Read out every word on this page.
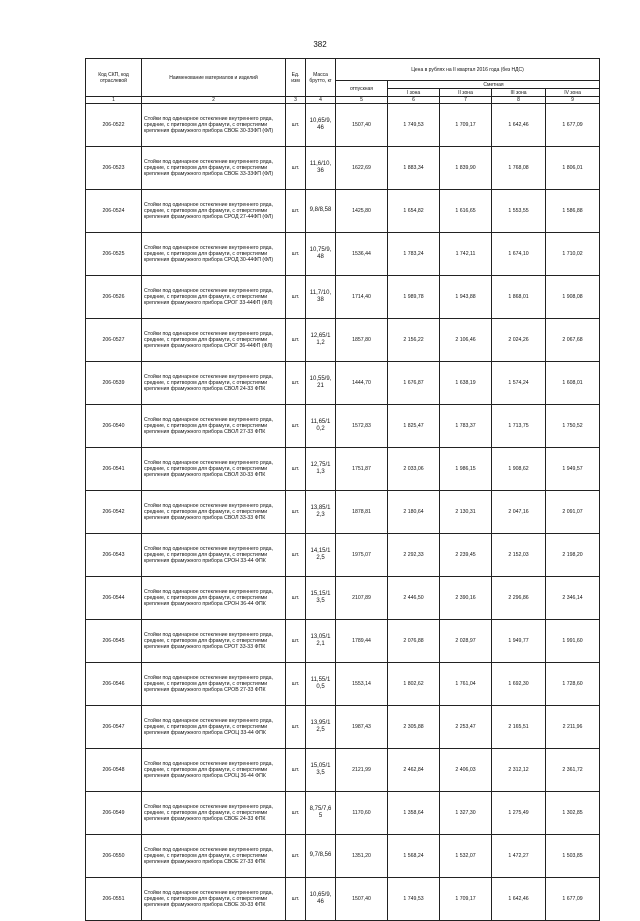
382
Код СКП, код отраслевой	Наименование материалов и изделий	Ед. изм	Масса брутто, кг	Цена в рублях на II квартал 2016 года (без НДС)				
				отпускная	Сметная			
					I зона	II зона	III зона	IV зона
1	2	3	4	5	6	7	8	9
206-0522	Стойки под одинарное остекление внутреннего ряда, средние, с притвором для фрамуги, с отверстиями крепления фрамужного прибора СВОЕ 30-33ФП (ФЛ)	шт.	10,65/9, 46	1507,40	1 749,53	1 709,17	1 642,46	1 677,09
206-0523	Стойки под одинарное остекление внутреннего ряда, средние, с притвором для фрамуги, с отверстиями крепления фрамужного прибора СВОЕ 33-33ФП (ФЛ)	шт.	11,6/10, 36	1622,69	1 883,34	1 839,90	1 768,08	1 806,01
206-0524	Стойки под одинарное остекление внутреннего ряда, средние, с притвором для фрамуги, с отверстиями крепления фрамужного прибора СРОД 27-44ФП (ФЛ)	шт.	9,8/8,58	1425,80	1 654,82	1 616,65	1 553,55	1 586,88
206-0525	Стойки под одинарное остекление внутреннего ряда, средние, с притвором для фрамуги, с отверстиями крепления фрамужного прибора СРОД 30-44ФП (ФЛ)	шт.	10,75/9, 48	1536,44	1 783,24	1 742,11	1 674,10	1 710,02
206-0526	Стойки под одинарное остекление внутреннего ряда, средние, с притвором для фрамуги, с отверстиями крепления фрамужного прибора СРОГ 33-44ФП (ФЛ)	шт.	11,7/10, 38	1714,40	1 989,78	1 943,88	1 868,01	1 908,08
206-0527	Стойки под одинарное остекление внутреннего ряда, средние, с притвором для фрамуги, с отверстиями крепления фрамужного прибора СРОГ 36-44ФП (ФЛ)	шт.	12,65/1 1,2	1857,80	2 156,22	2 106,46	2 024,26	2 067,68
206-0539	Стойки под одинарное остекление внутреннего ряда, средние, с притвором для фрамуги, с отверстиями крепления фрамужного прибора СВОЛ 24-33 ФПК	шт.	10,55/9, 21	1444,70	1 676,87	1 638,19	1 574,24	1 608,01
206-0540	Стойки под одинарное остекление внутреннего ряда, средние, с притвором для фрамуги, с отверстиями крепления фрамужного прибора СВОЛ 27-33 ФПК	шт.	11,65/1 0,2	1572,83	1 825,47	1 783,37	1 713,75	1 750,52
206-0541	Стойки под одинарное остекление внутреннего ряда, средние, с притвором для фрамуги, с отверстиями крепления фрамужного прибора СВОЛ 30-33 ФПК	шт.	12,75/1 1,3	1751,87	2 033,06	1 986,15	1 908,62	1 949,57
206-0542	Стойки под одинарное остекление внутреннего ряда, средние, с притвором для фрамуги, с отверстиями крепления фрамужного прибора СВОЛ 33-33 ФПК	шт.	13,85/1 2,3	1878,81	2 180,64	2 130,31	2 047,16	2 091,07
206-0543	Стойки под одинарное остекление внутреннего ряда, средние, с притвором для фрамуги, с отверстиями крепления фрамужного прибора СРОН 33-44 ФПК	шт.	14,15/1 2,5	1975,07	2 292,33	2 239,45	2 152,03	2 198,20
206-0544	Стойки под одинарное остекление внутреннего ряда, средние, с притвором для фрамуги, с отверстиями крепления фрамужного прибора СРОН 36-44 ФПК	шт.	15,15/1 3,5	2107,89	2 446,50	2 390,16	2 296,86	2 346,14
206-0545	Стойки под одинарное остекление внутреннего ряда, средние, с притвором для фрамуги, с отверстиями крепления фрамужного прибора СРОТ 33-33 ФПК	шт.	13,05/1 2,1	1789,44	2 076,88	2 028,97	1 949,77	1 991,60
206-0546	Стойки под одинарное остекление внутреннего ряда, средние, с притвором для фрамуги, с отверстиями крепления фрамужного прибора СРОВ 27-33 ФПК	шт.	11,55/1 0,5	1553,14	1 802,62	1 761,04	1 692,30	1 728,60
206-0547	Стойки под одинарное остекление внутреннего ряда, средние, с притвором для фрамуги, с отверстиями крепления фрамужного прибора СРОЦ 33-44 ФПК	шт.	13,95/1 2,5	1987,43	2 305,88	2 253,47	2 165,51	2 211,96
206-0548	Стойки под одинарное остекление внутреннего ряда, средние, с притвором для фрамуги, с отверстиями крепления фрамужного прибора СРОЦ 36-44 ФПК	шт.	15,05/1 3,5	2121,99	2 462,84	2 406,03	2 312,12	2 361,72
206-0549	Стойки под одинарное остекление внутреннего ряда, средние, с притвором для фрамуги, с отверстиями крепления фрамужного прибора СВОЕ 24-33 ФПК	шт.	8,75/7,6 5	1170,60	1 358,64	1 327,30	1 275,49	1 302,85
206-0550	Стойки под одинарное остекление внутреннего ряда, средние, с притвором для фрамуги, с отверстиями крепления фрамужного прибора СВОЕ 27-33 ФПК	шт.	9,7/8,56	1351,20	1 568,24	1 532,07	1 472,27	1 503,85
206-0551	Стойки под одинарное остекление внутреннего ряда, средние, с притвором для фрамуги, с отверстиями крепления фрамужного прибора СВОЕ 30-33 ФПК	шт.	10,65/9, 46	1507,40	1 749,53	1 709,17	1 642,46	1 677,09
